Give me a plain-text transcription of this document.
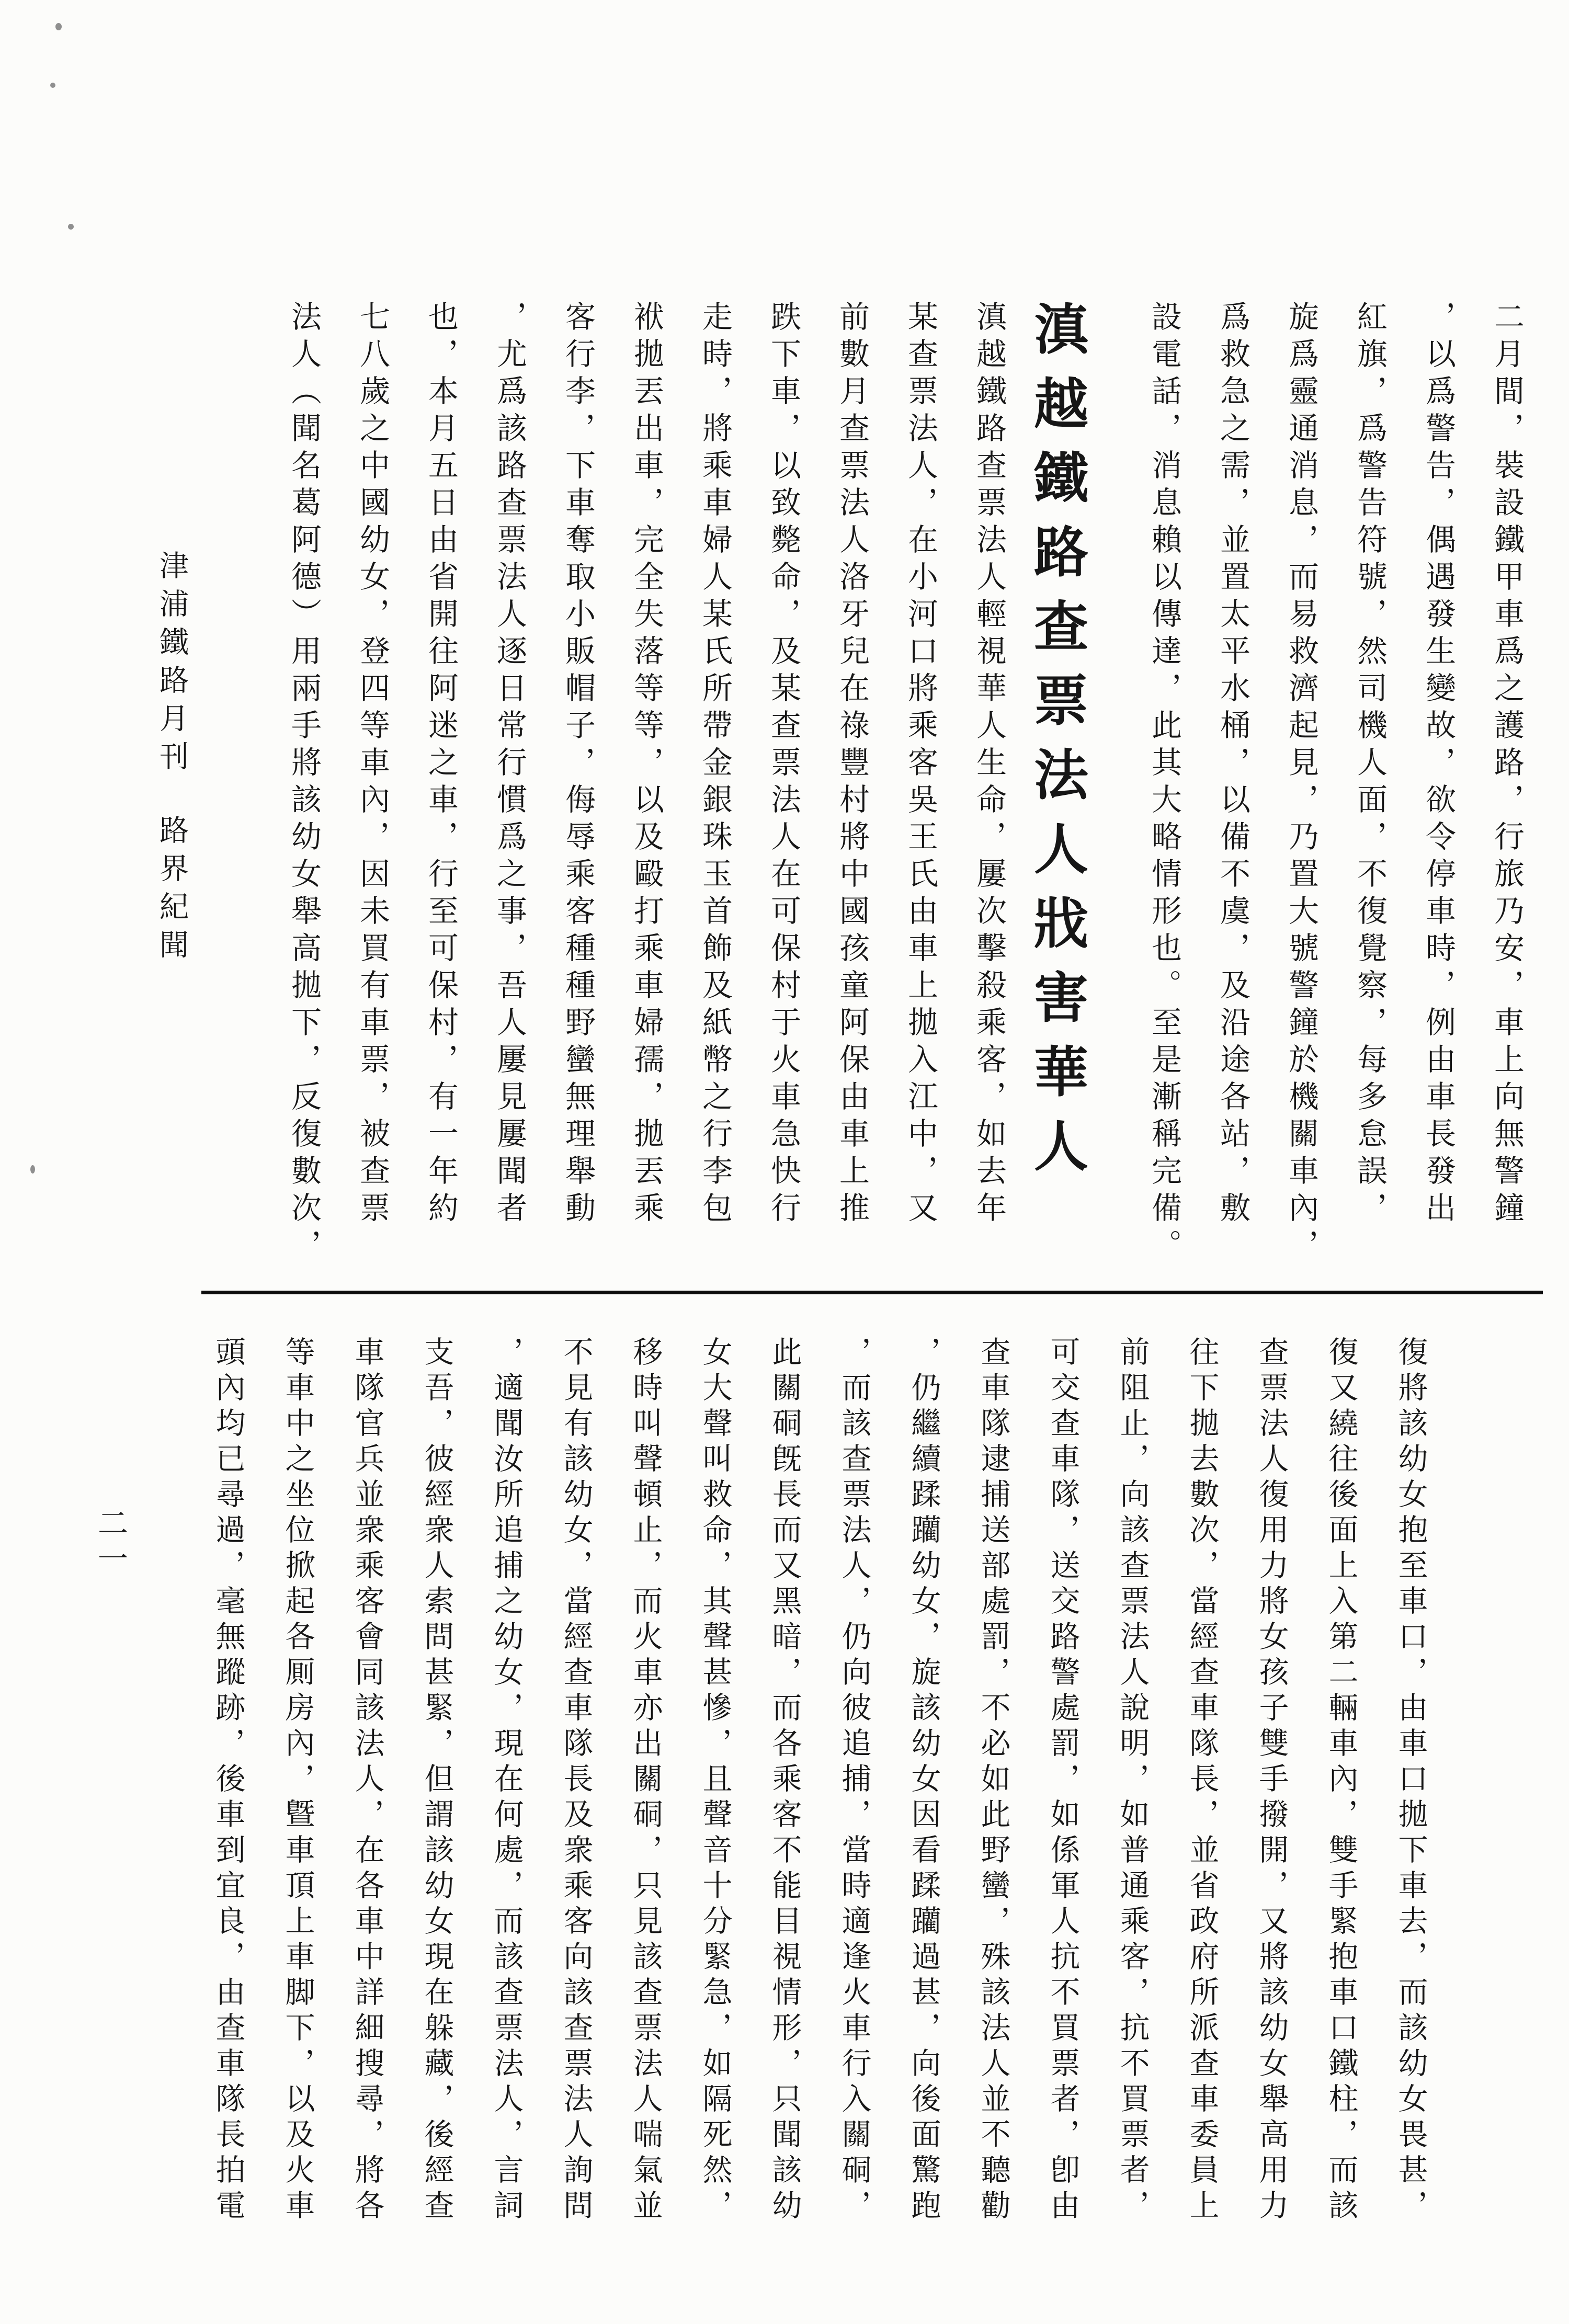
津浦鐵路月刊
路界紀聞
二一

二月間，裝設鐵甲車爲之護路，行旅乃安，車上向無警鐘

，以爲警告，偶遇發生變故，欲令停車時，例由車長發出

紅旗，爲警告符號，然司機人面，不復覺察，每多怠誤，

旋爲靈通消息，而易救濟起見，乃置大號警鐘於機關車內，

爲救急之需，並置太平水桶，以備不虞，及沿途各站，敷

設電話，消息賴以傳達，此其大略情形也。至是漸稱完備。

滇越鐵路查票法人戕害華人

滇越鐵路查票法人輕視華人生命，屢次擊殺乘客，如去年

某查票法人，在小河口將乘客吳王氏由車上拋入江中，又

前數月查票法人洛牙兒在祿豐村將中國孩童阿保由車上推

跌下車，以致斃命，及某查票法人在可保村于火車急快行

走時，將乘車婦人某氏所帶金銀珠玉首飾及紙幣之行李包

袱拋丟出車，完全失落等等，以及毆打乘車婦孺，拋丟乘

客行李，下車奪取小販帽子，侮辱乘客種種野蠻無理舉動

，尤爲該路查票法人逐日常行慣爲之事，吾人屢見屢聞者

也，本月五日由省開往阿迷之車，行至可保村，有一年約

七八歲之中國幼女，登四等車內，因未買有車票，被查票

法人（聞名葛阿德）用兩手將該幼女舉高拋下，反復數次，

復將該幼女抱至車口，由車口拋下車去，而該幼女畏甚，

復又繞往後面上入第二輛車內，雙手緊抱車口鐵柱，而該

查票法人復用力將女孩子雙手撥開，又將該幼女舉高用力

往下拋去數次，當經查車隊長，並省政府所派查車委員上

前阻止，向該查票法人說明，如普通乘客，抗不買票者，

可交查車隊，送交路警處罰，如係軍人抗不買票者，卽由

查車隊逮捕送部處罰，不必如此野蠻，殊該法人並不聽勸

，仍繼續蹂躪幼女，旋該幼女因看蹂躪過甚，向後面驚跑

，而該查票法人，仍向彼追捕，當時適逢火車行入關硐，

此關硐旣長而又黑暗，而各乘客不能目視情形，只聞該幼

女大聲叫救命，其聲甚慘，且聲音十分緊急，如隔死然，

移時叫聲頓止，而火車亦出關硐，只見該查票法人喘氣並

不見有該幼女，當經查車隊長及衆乘客向該查票法人詢問

，適聞汝所追捕之幼女，現在何處，而該查票法人，言詞

支吾，彼經衆人索問甚緊，但謂該幼女現在躲藏，後經查

車隊官兵並衆乘客會同該法人，在各車中詳細搜尋，將各

等車中之坐位掀起各厠房內，曁車頂上車脚下，以及火車

頭內均已尋過，毫無蹤跡，後車到宜良，由查車隊長拍電
